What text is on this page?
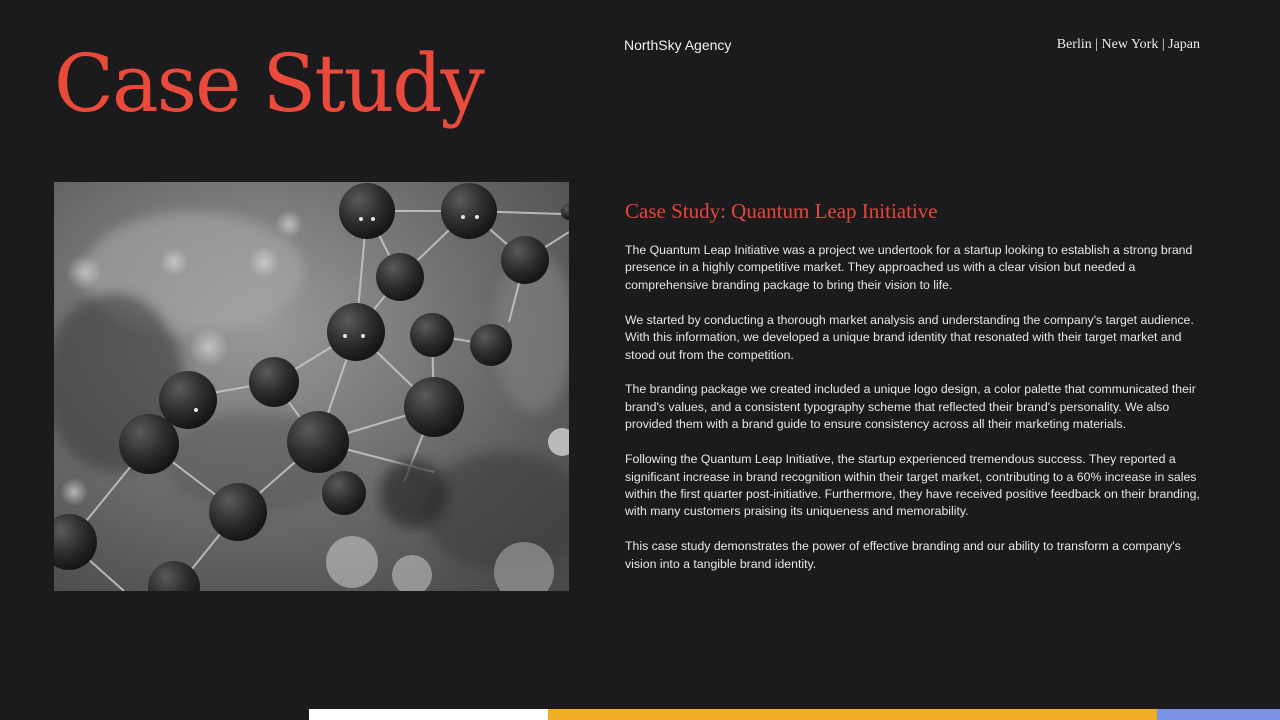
Case Study	NorthSky Agency	Berlin | New York | Japan
Case Study: Quantum Leap Initiative

The Quantum Leap Initiative was a project we undertook for a startup looking to establish a strong brand presence in a highly competitive market. They approached us with a clear vision but needed a comprehensive branding package to bring their vision to life.

We started by conducting a thorough market analysis and understanding the company's target audience. With this information, we developed a unique brand identity that resonated with their target market and stood out from the competition.

The branding package we created included a unique logo design, a color palette that communicated their brand's values, and a consistent typography scheme that reflected their brand's personality. We also provided them with a brand guide to ensure consistency across all their marketing materials.

Following the Quantum Leap Initiative, the startup experienced tremendous success. They reported a significant increase in brand recognition within their target market, contributing to a 60% increase in sales within the first quarter post-initiative. Furthermore, they have received positive feedback on their branding, with many customers praising its uniqueness and memorability.

This case study demonstrates the power of effective branding and our ability to transform a company's vision into a tangible brand identity.
